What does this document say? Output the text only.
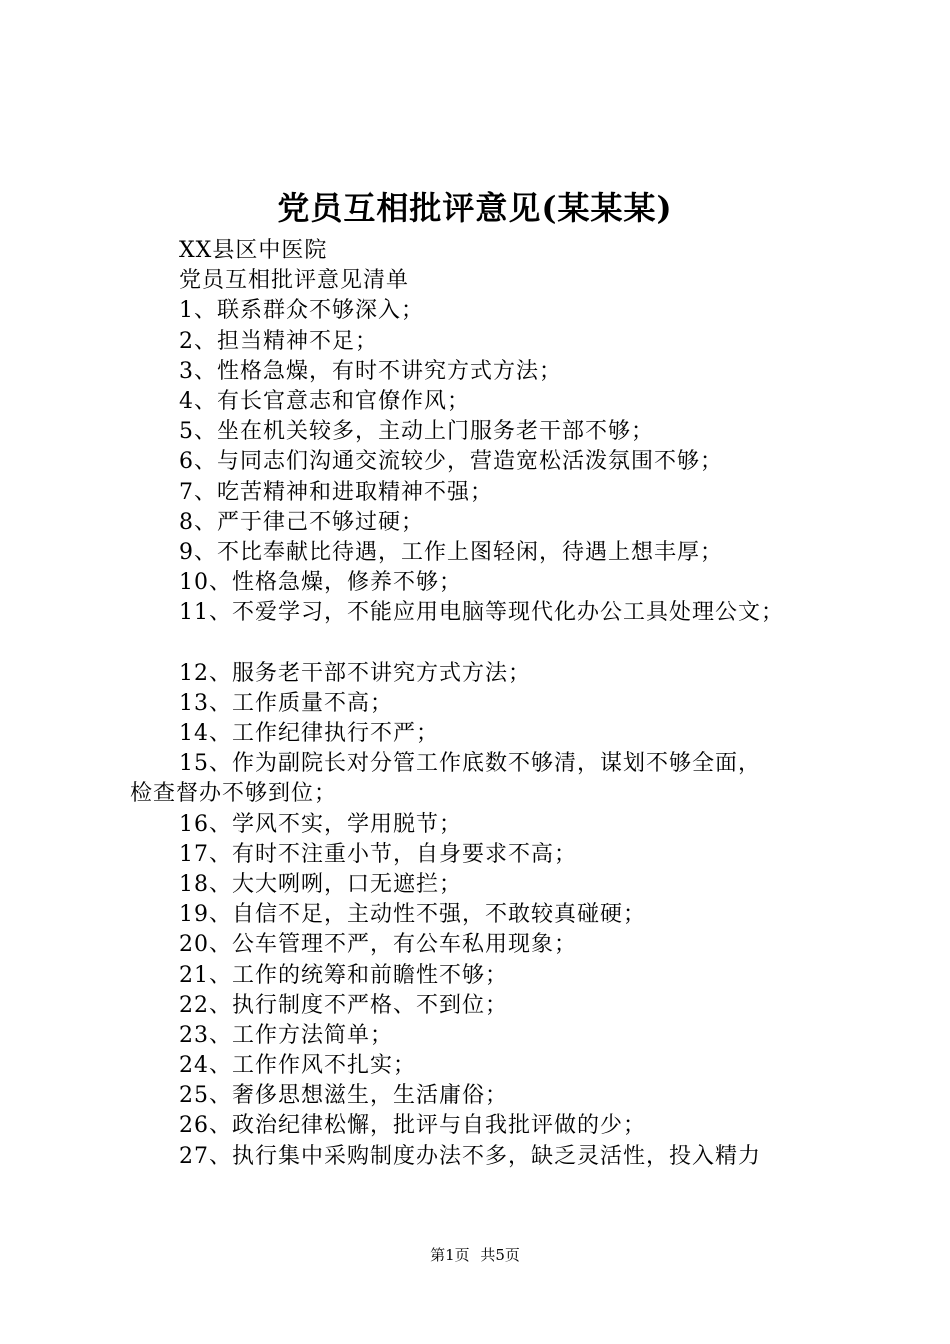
党员互相批评意见(某某某)
XX县区中医院
党员互相批评意见清单
1、联系群众不够深入；
2、担当精神不足；
3、性格急燥，有时不讲究方式方法；
4、有长官意志和官僚作风；
5、坐在机关较多，主动上门服务老干部不够；
6、与同志们沟通交流较少，营造宽松活泼氛围不够；
7、吃苦精神和进取精神不强；
8、严于律己不够过硬；
9、不比奉献比待遇，工作上图轻闲，待遇上想丰厚；
10、性格急燥，修养不够；
11、不爱学习，不能应用电脑等现代化办公工具处理公文；
12、服务老干部不讲究方式方法；
13、工作质量不高；
14、工作纪律执行不严；
15、作为副院长对分管工作底数不够清，谋划不够全面，
检查督办不够到位；
16、学风不实，学用脱节；
17、有时不注重小节，自身要求不高；
18、大大咧咧，口无遮拦；
19、自信不足，主动性不强，不敢较真碰硬；
20、公车管理不严，有公车私用现象；
21、工作的统筹和前瞻性不够；
22、执行制度不严格、不到位；
23、工作方法简单；
24、工作作风不扎实；
25、奢侈思想滋生，生活庸俗；
26、政治纪律松懈，批评与自我批评做的少；
27、执行集中采购制度办法不多，缺乏灵活性，投入精力
第1页 共5页
